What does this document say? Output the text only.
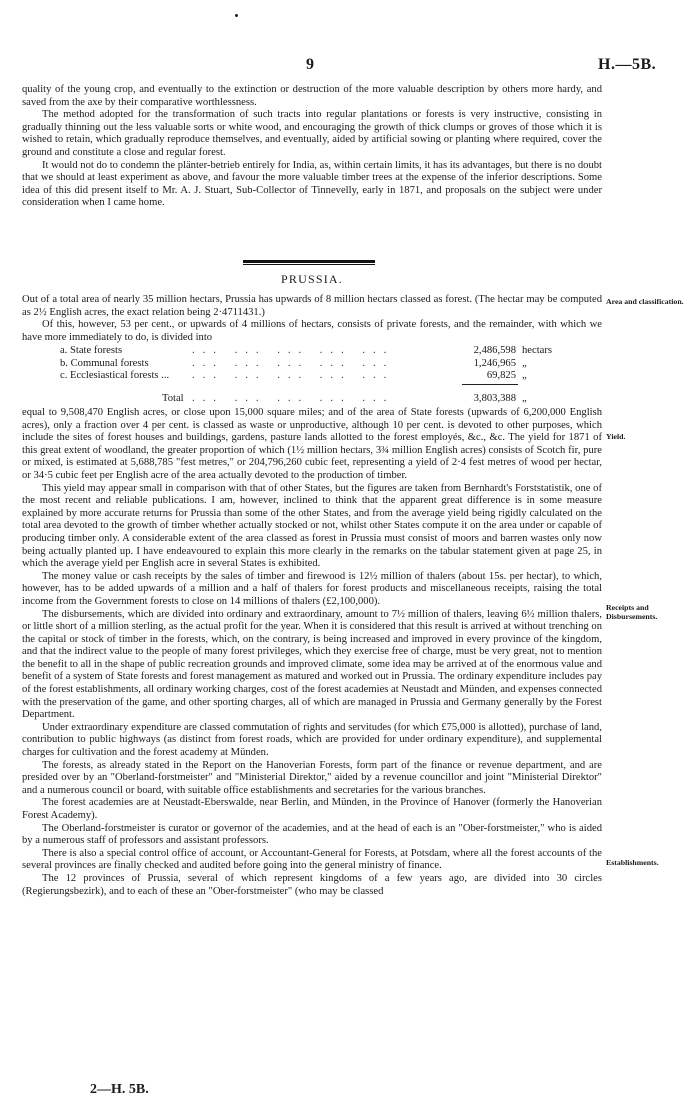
9	H.—5B.

quality of the young crop, and eventually to the extinction or destruction of the more valuable description by others more hardy, and saved from the axe by their comparative worthlessness.

The method adopted for the transformation of such tracts into regular plantations or forests is very instructive, consisting in gradually thinning out the less valuable sorts or white wood, and encouraging the growth of thick clumps or groves of those which it is wished to retain, which gradually reproduce themselves, and eventually, aided by artificial sowing or planting where required, cover the ground and constitute a close and regular forest.

It would not do to condemn the plänter-betrieb entirely for India, as, within certain limits, it has its advantages, but there is no doubt that we should at least experiment as above, and favour the more valuable timber trees at the expense of the inferior descriptions. Some idea of this did present itself to Mr. A. J. Stuart, Sub-Collector of Tinnevelly, early in 1871, and proposals on the subject were under consideration when I came home.

PRUSSIA.
Area and classification.

Out of a total area of nearly 35 million hectars, Prussia has upwards of 8 million hectars classed as forest. (The hectar may be computed as 2½ English acres, the exact relation being 2·4711431.)

Of this, however, 53 per cent., or upwards of 4 millions of hectars, consists of private forests, and the remainder, with which we have more immediately to do, is divided into

a. State forests	... ... ... ... ...	2,486,598 hectars
b. Communal forests	... ... ... ... ...	1,246,965 „
c. Ecclesiastical forests ... ... ... ... ... ...	69,825 „
Total ... ... ... ... ...	3,803,388 „
Yield.
Receipts and Disbursements.
Establishments.

equal to 9,508,470 English acres, or close upon 15,000 square miles; and of the area of State forests (upwards of 6,200,000 English acres), only a fraction over 4 per cent. is classed as waste or unproductive, although 10 per cent. is devoted to other purposes, which include the sites of forest houses and buildings, gardens, pasture lands allotted to the forest employés, &c., &c. The yield for 1871 of this great extent of woodland, the greater proportion of which (1½ million hectars, 3¾ million English acres) consists of Scotch fir, pure or mixed, is estimated at 5,688,785 "fest metres," or 204,796,260 cubic feet, representing a yield of 2·4 fest metres of wood per hectar, or 34·5 cubic feet per English acre of the area actually devoted to the production of timber.

This yield may appear small in comparison with that of other States, but the figures are taken from Bernhardt's Forststatistik, one of the most recent and reliable publications. I am, however, inclined to think that the apparent great difference is in some measure explained by more accurate returns for Prussia than some of the other States, and from the average yield being rigidly calculated on the total area devoted to the growth of timber whether actually stocked or not, whilst other States compute it on the area under or capable of producing timber only. A considerable extent of the area classed as forest in Prussia must consist of moors and barren wastes only now being actually planted up. I have endeavoured to explain this more clearly in the remarks on the tabular statement given at page 25, in which the average yield per English acre in several States is exhibited.

The money value or cash receipts by the sales of timber and firewood is 12½ million of thalers (about 15s. per hectar), to which, however, has to be added upwards of a million and a half of thalers for forest products and miscellaneous receipts, raising the total income from the Government forests to close on 14 millions of thalers (£2,100,000).

The disbursements, which are divided into ordinary and extraordinary, amount to 7½ million of thalers, leaving 6½ million thalers, or little short of a million sterling, as the actual profit for the year. When it is considered that this result is arrived at without trenching on the capital or stock of timber in the forests, which, on the contrary, is being increased and improved in every province of the kingdom, and that the indirect value to the people of many forest privileges, which they exercise free of charge, must be very great, not to mention the benefit to all in the shape of public recreation grounds and improved climate, some idea may be arrived at of the enormous value and benefit of a system of State forests and forest management as matured and worked out in Prussia. The ordinary expenditure includes pay of the forest establishments, all ordinary working charges, cost of the forest academies at Neustadt and Münden, and expenses connected with the preservation of the game, and other sporting charges, all of which are managed in Prussia and Germany generally by the Forest Department.

Under extraordinary expenditure are classed commutation of rights and servitudes (for which £75,000 is allotted), purchase of land, contribution to public highways (as distinct from forest roads, which are provided for under ordinary expenditure), and supplemental charges for cultivation and the forest academy at Münden.

The forests, as already stated in the Report on the Hanoverian Forests, form part of the finance or revenue department, and are presided over by an "Oberland-forstmeister" and "Ministerial Direktor," aided by a revenue councillor and joint "Ministerial Direktor" and a numerous council or board, with suitable office establishments and secretaries for the various branches.

The forest academies are at Neustadt-Eberswalde, near Berlin, and Münden, in the Province of Hanover (formerly the Hanoverian Forest Academy).

The Oberland-forstmeister is curator or governor of the academies, and at the head of each is an "Ober-forstmeister," who is aided by a numerous staff of professors and assistant professors.

There is also a special control office of account, or Accountant-General for Forests, at Potsdam, where all the forest accounts of the several provinces are finally checked and audited before going into the general ministry of finance.

The 12 provinces of Prussia, several of which represent kingdoms of a few years ago, are divided into 30 circles (Regierungsbezirk), and to each of these an "Ober-forstmeister" (who may be classed

2—H. 5B.
